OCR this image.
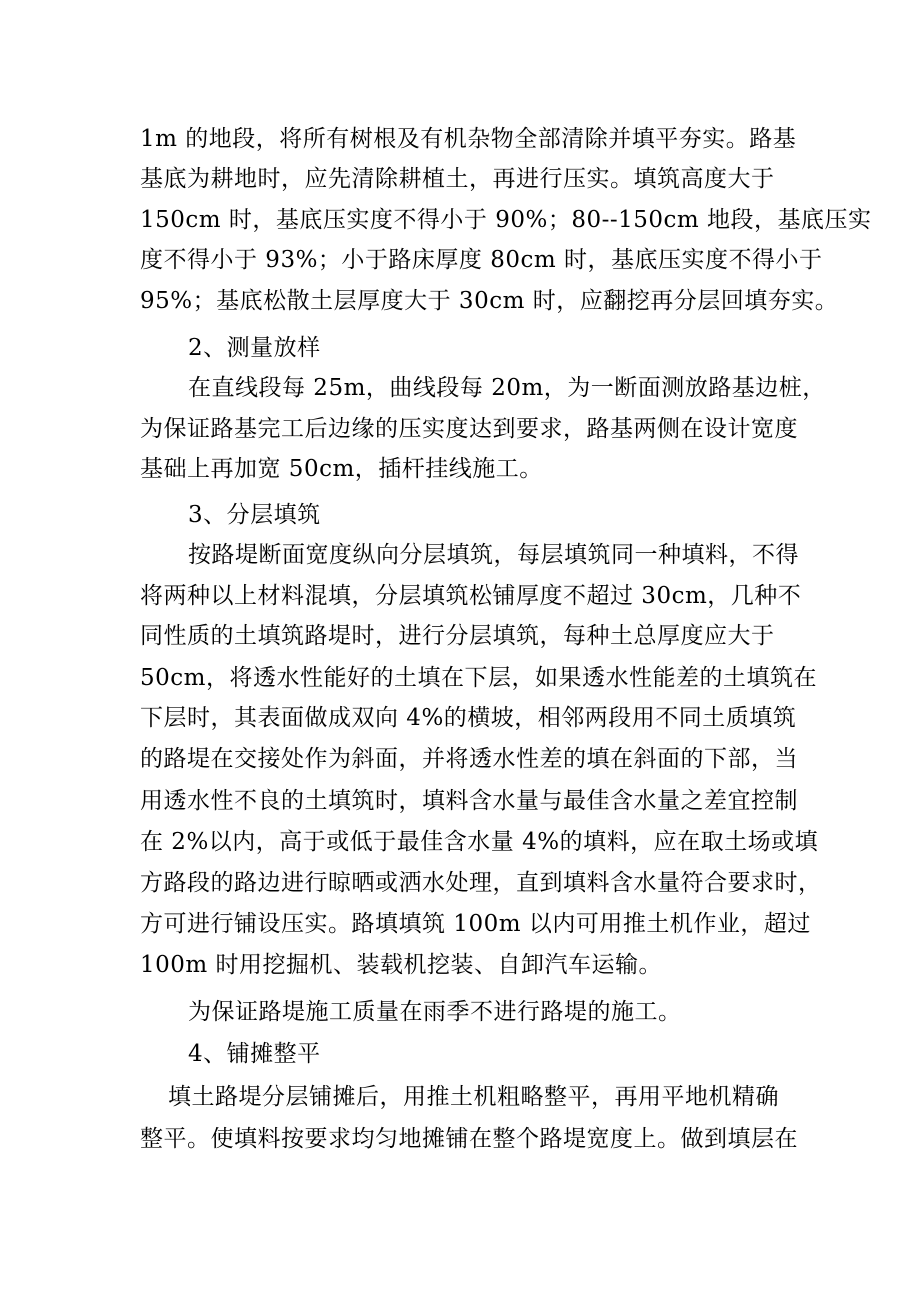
1m 的地段，将所有树根及有机杂物全部清除并填平夯实。路基
基底为耕地时，应先清除耕植土，再进行压实。填筑高度大于
150cm 时，基底压实度不得小于 90%；80--150cm 地段，基底压实
度不得小于 93%；小于路床厚度 80cm 时，基底压实度不得小于
95%；基底松散土层厚度大于 30cm 时，应翻挖再分层回填夯实。
2、测量放样
在直线段每 25m，曲线段每 20m，为一断面测放路基边桩，
为保证路基完工后边缘的压实度达到要求，路基两侧在设计宽度
基础上再加宽 50cm，插杆挂线施工。
3、分层填筑
按路堤断面宽度纵向分层填筑，每层填筑同一种填料，不得
将两种以上材料混填，分层填筑松铺厚度不超过 30cm，几种不
同性质的土填筑路堤时，进行分层填筑，每种土总厚度应大于
50cm，将透水性能好的土填在下层，如果透水性能差的土填筑在
下层时，其表面做成双向 4%的横坡，相邻两段用不同土质填筑
的路堤在交接处作为斜面，并将透水性差的填在斜面的下部，当
用透水性不良的土填筑时，填料含水量与最佳含水量之差宜控制
在 2%以内，高于或低于最佳含水量 4%的填料，应在取土场或填
方路段的路边进行晾晒或洒水处理，直到填料含水量符合要求时，
方可进行铺设压实。路填填筑 100m 以内可用推土机作业，超过
100m 时用挖掘机、装载机挖装、自卸汽车运输。
为保证路堤施工质量在雨季不进行路堤的施工。
4、铺摊整平
填土路堤分层铺摊后，用推土机粗略整平，再用平地机精确
整平。使填料按要求均匀地摊铺在整个路堤宽度上。做到填层在
